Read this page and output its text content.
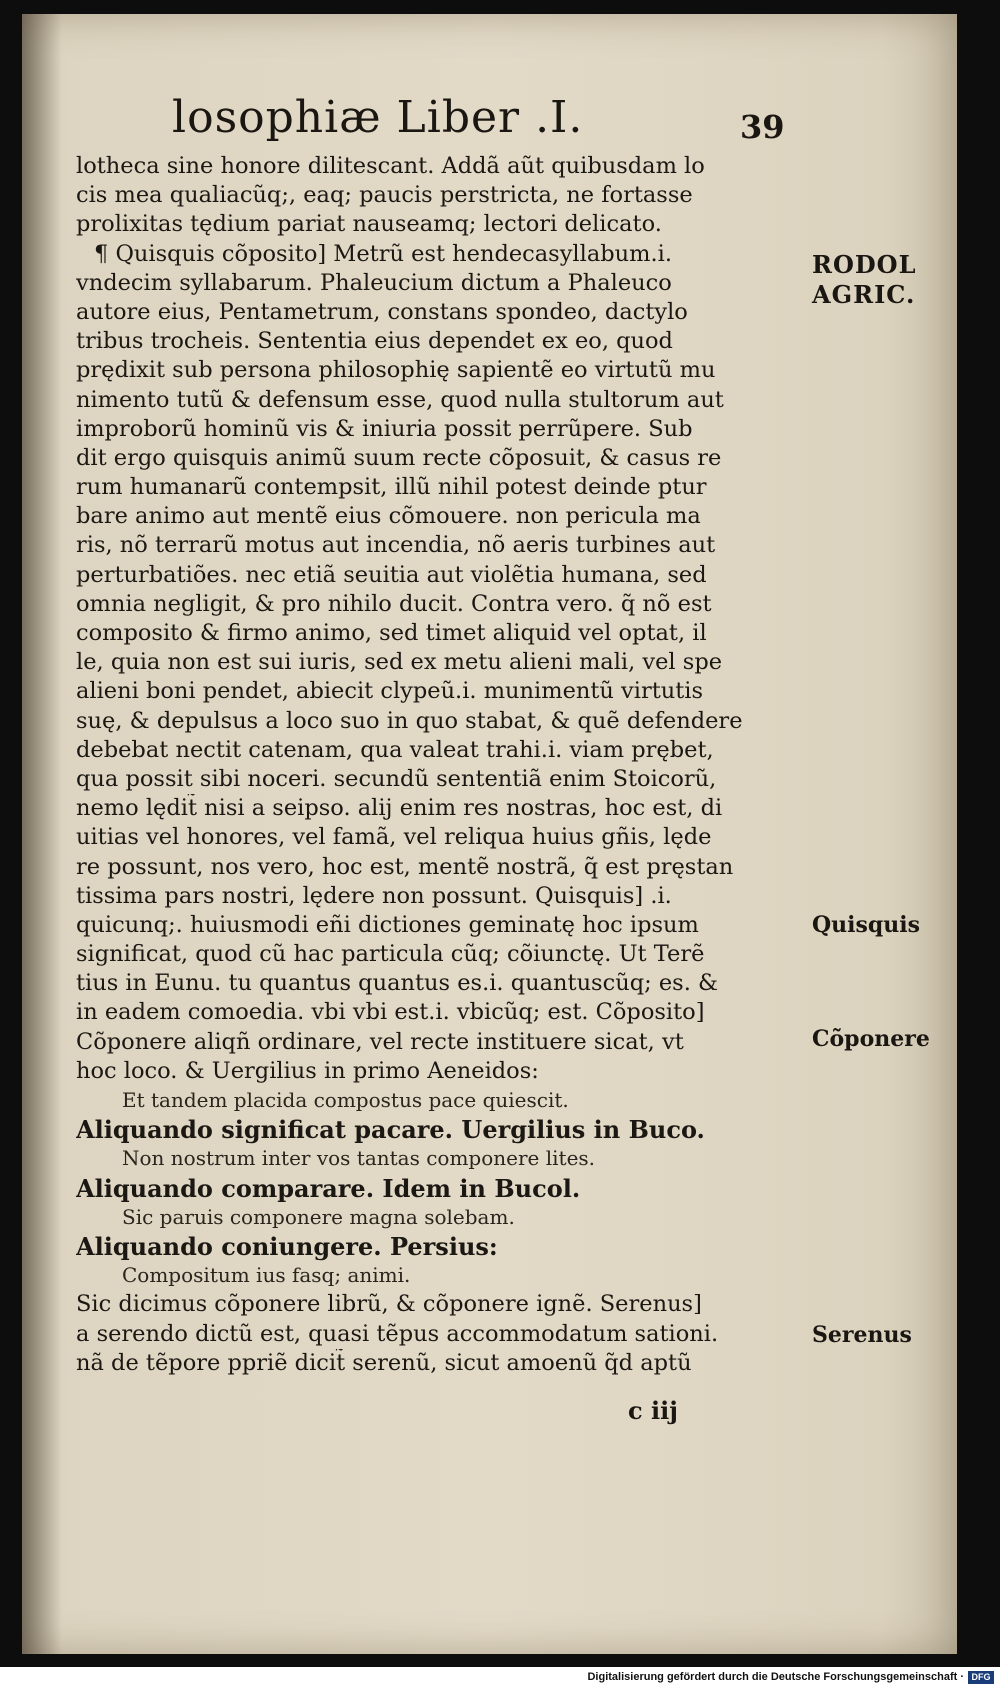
losophiæ Liber .I.	39
lotheca sine honore dilitescant. Addã aũt quibusdam lo
cis mea qualiacũq;, eaq; paucis perstricta, ne fortasse
prolixitas tędium pariat nauseamq; lectori delicato.
¶ Quisquis cõposito] Metrũ est hendecasyllabum.i.
vndecim syllabarum. Phaleucium dictum a Phaleuco
autore eius, Pentametrum, constans spondeo, dactylo
tribus trocheis. Sententia eius dependet ex eo, quod
prędixit sub persona philosophię sapientẽ eo virtutũ mu
nimento tutũ & defensum esse, quod nulla stultorum aut
improborũ hominũ vis & iniuria possit perrũpere. Sub
dit ergo quisquis animũ suum recte cõposuit, & casus re
rum humanarũ contempsit, illũ nihil potest deinde ptur
bare animo aut mentẽ eius cõmouere. non pericula ma
ris, nõ terrarũ motus aut incendia, nõ aeris turbines aut
perturbatiões. nec etiã seuitia aut violẽtia humana, sed
omnia negligit, & pro nihilo ducit. Contra vero. q̃ nõ est
composito & firmo animo, sed timet aliquid vel optat, il
le, quia non est sui iuris, sed ex metu alieni mali, vel spe
alieni boni pendet, abiecit clypeũ.i. munimentũ virtutis
suę, & depulsus a loco suo in quo stabat, & quẽ defendere
debebat nectit catenam, qua valeat trahi.i. viam prębet,
qua possit sibi noceri. secundũ sententiã enim Stoicorũ,
nemo lędit̃ nisi a seipso. alij enim res nostras, hoc est, di
uitias vel honores, vel famã, vel reliqua huius gñis, lęde
re possunt, nos vero, hoc est, mentẽ nostrã, q̃ est pręstan
tissima pars nostri, lędere non possunt. Quisquis] .i.
quicunq;. huiusmodi eñi dictiones geminatę hoc ipsum
significat, quod cũ hac particula cũq; cõiunctę. Ut Terẽ
tius in Eunu. tu quantus quantus es.i. quantuscũq; es. &
in eadem comoedia. vbi vbi est.i. vbicũq; est. Cõposito]
Cõponere aliqñ ordinare, vel recte instituere sicat, vt
hoc loco. & Uergilius in primo Aeneidos:
Et tandem placida compostus pace quiescit.
Aliquando significat pacare. Uergilius in Buco.
Non nostrum inter vos tantas componere lites.
Aliquando comparare. Idem in Bucol.
Sic paruis componere magna solebam.
Aliquando coniungere. Persius:
Compositum ius fasq; animi.
Sic dicimus cõponere librũ, & cõponere ignẽ. Serenus]
a serendo dictũ est, quasi tẽpus accommodatum sationi.
nã de tẽpore ppriẽ dicit̃ serenũ, sicut amoenũ q̃d aptũ
RODOL
AGRIC.
Quisquis
Cõponere
Serenus
c iij
Digitalisierung gefördert durch die Deutsche Forschungsgemeinschaft · DFG
